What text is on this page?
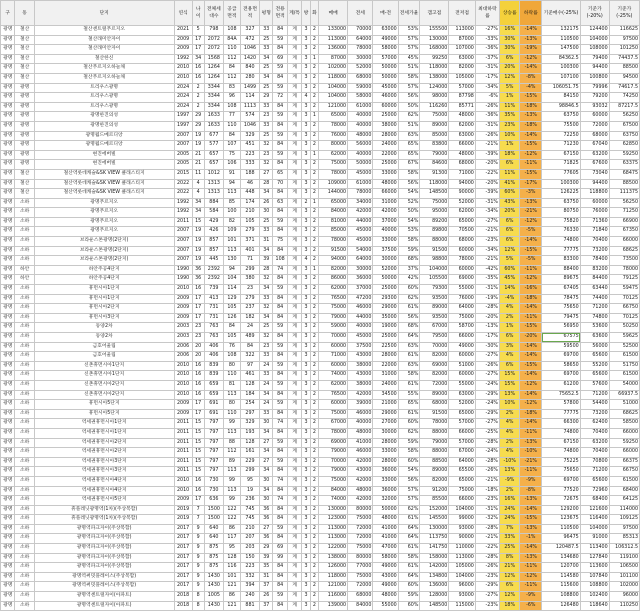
구	동	단지	연식	나이	전체세대수	공급면적	전용면적	평형	전용면적	계/특	방	화	매매	전세	매-전	전세가율	갭고점	전저점	최대하락률	상승률	하락률	기준매수(-25%)	기준가(-20%)	기준가(-25%)
광명	철산	철산센트럴푸르지오	2021	5	798	108	327	33	84	계	3	2	133000	70000	63000	53%	155500	113000	-27%	16%	-14%	132175	124400	116625
광명	철산	철산래미안자이	2009	17	2072	84A	472	25	59	계	3	2	113000	64000	49000	57%	130000	87000	-33%	30%	-13%	110500	104000	97500
광명	철산	철산래미안자이	2009	17	2072	110	1046	33	84	계	3	2	136000	78000	58000	57%	168000	107000	-36%	30%	-19%	147500	108000	101250
광명	철산	철산한신	1992	34	1568	112	1420	34	69	계	3	1	87000	30000	57000	45%	99250	63000	-37%	6%	-12%	84362.5	79400	74437.5
광명	철산	철산푸르지오하늘채	2010	16	1264	84	840	25	59	계	3	2	102000	52000	50000	51%	118000	82000	-31%	20%	-14%	100300	94400	88500
광명	철산	철산푸르지오하늘채	2010	16	1264	112	280	34	84	계	3	2	118000	68000	50000	58%	138000	105000	-17%	12%	-8%	107100	100800	94500
광명	광명	트리우스광명	2024	2	3344	83	1499	25	59	계	3	2	104000	59000	45000	57%	124000	57000	-34%	5%	-4%	106051.75	79996	74617.5
광명	광명	트리우스광명	2024	2	3344	96	114	29	72	계	4	2	104000	58000	46000	56%	98000	87798	-6%	1%	-15%	84150	79200	74250
광명	광명	트리우스광명	2024	2	3344	108	1113	33	84	계	3	2	121000	61000	60000	50%	116260	85771	-26%	11%	-18%	98846.5	93032	87217.5
광명	광명	광명한진의성	1997	29	1633	77	574	23	59	계	3	1	65000	40000	25000	62%	75000	48000	-36%	35%	-13%	63750	60000	56250
광명	광명	광명한진의성	1997	29	1633	110	1046	33	84	계	3	2	78000	40000	38000	51%	89000	62000	-31%	23%	-18%	75500	72000	67500
광명	광명	광명월드메르디앙	2007	19	677	84	329	25	59	계	3	2	76000	48000	28000	63%	85000	63000	-26%	10%	-14%	72250	68000	63750
광명	광명	광명월드메르디앙	2007	19	577	107	451	32	84	계	3	2	80000	56000	24000	65%	83800	66000	-21%	1%	-15%	71230	67040	62850
광명	광명	현진에버빌	2005	21	657	75	223	23	59	계	3	1	62000	40000	22000	65%	79000	48000	-39%	18%	-12%	67150	63200	59250
광명	광명	현진에버빌	2005	21	657	106	333	32	84	계	3	2	75000	50000	25000	67%	84600	68000	-20%	6%	-11%	71825	67600	63375
광명	철산	철산역롯데캐슬&SK VIEW 클래스티지	2015	11	1012	91	188	27	65	계	3	2	78000	45000	33000	58%	91300	71000	-22%	11%	-15%	77605	73040	68475
광명	철산	철산역롯데캐슬&SK VIEW 클래스티지	2022	4	1313	94	46	28	70	계	3	2	109000	61000	48000	56%	118000	94000	-20%	41%	-17%	100300	94400	88500
광명	철산	철산역롯데캐슬&SK VIEW 클래스티지	2022	4	1313	113	448	34	84	계	3	2	144000	78000	66000	54%	148500	90000	-39%	60%	-3%	126225	118800	111375
광명	소하	광명푸르지오	1992	34	884	85	174	26	63	계	2	1	65000	34000	31000	52%	75000	52000	-31%	43%	-13%	63750	60000	56250
광명	소하	광명푸르지오	1992	34	584	100	210	30	84	계	3	2	84000	42000	42000	50%	95000	62000	-34%	20%	-21%	80750	76000	71250
광명	소하	광명푸르지오	2011	15	429	82	105	25	59	계	3	2	81000	44000	37000	54%	89200	65000	-27%	6%	-12%	75820	71360	66900
광명	소하	광명푸르지오	2007	19	426	109	279	33	84	계	3	2	85000	45000	40000	53%	89800	70500	-21%	6%	-5%	76330	71840	67350
광명	소하	브라운스톤광명(2단지)	2007	19	857	101	371	31	75	계	3	2	78000	45000	33000	58%	88000	68000	-23%	6%	-14%	74800	70400	66000
광명	소하	브라운스톤광명(2단지)	2007	19	857	113	401	34	84	계	3	2	91500	54000	37500	59%	91500	60000	-34%	12%	-15%	77775	73200	68625
광명	소하	브라운스톤광명(2단지)	2007	19	445	130	71	39	108	계	4	2	94000	64000	30000	68%	98800	78000	-21%	5%	-5%	83300	78400	73500
광명	하안	하안주공4단지	1990	36	2392	94	299	28	74	계	3	1	82000	30000	52000	37%	104000	60000	-42%	60%	-11%	88400	83200	78000
광명	하안	하안주공4단지	1990	36	2392	104	380	32	84	계	3	2	86000	36000	50000	42%	105500	69000	-35%	45%	-12%	89675	84400	79125
광명	소하	휴먼시아1단지	2010	16	739	114	23	34	59	계	3	2	62000	37000	25000	60%	79300	55000	-31%	14%	-16%	67405	63440	59475
광명	소하	휴먼시아1단지	2009	17	413	129	279	33	84	계	3	2	76500	47200	29300	62%	93500	76000	-19%	-4%	-18%	78475	74400	70125
광명	소하	휴먼시아2단지	2009	17	731	105	237	32	84	계	3	2	75000	46000	29000	61%	89000	64000	-28%	4%	-14%	75650	71200	66750
광명	소하	휴먼시아3단지	2009	17	731	126	182	34	84	계	3	2	79000	44000	35000	56%	93500	75000	-20%	2%	-11%	79475	74800	70125
광명	소하	동양2차	2003	23	763	84	24	25	59	계	3	2	59000	40000	19000	68%	67000	58700	-13%	1%	-15%	56950	53600	50250
광명	소하	동양2차	2003	23	763	105	489	32	84	계	3	2	70000	45000	25000	64%	79500	66000	-17%	6%	-20%	67575	63600	59625
광명	소하	금호어울림	2006	20	406	76	84	23	59	계	3	2	60000	37500	22500	63%	70000	49000	-30%	3%	-14%	59500	56000	52500
광명	소하	금호어울림	2006	20	406	108	322	33	84	계	3	2	71000	43000	28000	61%	82000	60000	-27%	4%	-14%	69700	65600	61500
광명	소하	신촌휴먼시아1단지	2010	16	839	80	97	24	59	계	3	2	60000	38000	22000	63%	69000	51000	-26%	6%	-15%	58650	55200	51750
광명	소하	신촌휴먼시아1단지	2010	16	839	110	461	33	84	계	3	2	74000	43000	31000	58%	82000	60000	-27%	15%	-14%	69700	65600	61500
광명	소하	신촌휴먼시아2단지	2010	16	659	81	128	24	59	계	3	2	62000	38000	24000	61%	72000	55000	-24%	15%	-12%	61200	57600	54000
광명	소하	신촌휴먼시아2단지	2010	16	659	113	184	34	84	계	3	2	76500	42000	34500	55%	89000	63000	-29%	13%	-14%	75652.5	71200	66937.5
광명	소하	휴먼시아5단지	2009	17	691	80	254	24	59	계	3	2	60000	39000	21000	65%	68000	52000	-24%	10%	-12%	57800	54400	51000
광명	소하	휴먼시아5단지	2009	17	691	110	297	33	84	계	3	2	75000	46000	29000	61%	91500	65000	-29%	2%	-18%	77775	73200	68625
광명	소하	역세권휴먼시아1단지	2011	15	797	99	329	30	74	계	3	2	67000	40000	27000	60%	78000	57000	-27%	4%	-14%	66300	62400	58500
광명	소하	역세권휴먼시아1단지	2011	15	797	113	193	34	84	계	3	2	78000	48000	30000	62%	88000	66000	-25%	4%	-11%	74800	70400	66000
광명	소하	역세권휴먼시아2단지	2011	15	797	88	128	27	59	계	3	2	69000	41000	28000	59%	79000	57000	-28%	2%	-13%	67150	63200	59250
광명	소하	역세권휴먼시아2단지	2011	15	797	112	161	34	84	계	3	2	79000	46000	33000	58%	88000	67000	-24%	4%	-10%	74800	70400	66000
광명	소하	역세권휴먼시아3단지	2011	15	797	89	229	27	59	계	3	2	70000	42000	28000	60%	88500	64000	-28%	-10%	-21%	75225	70800	66375
광명	소하	역세권휴먼시아3단지	2011	15	797	113	299	34	84	계	3	2	79000	43000	36000	54%	89000	65500	-26%	13%	-11%	75650	71200	66750
광명	소하	역세권휴먼시아4단지	2010	16	730	99	95	30	74	계	3	2	75000	42000	33000	56%	82000	65000	-21%	-9%	-9%	69700	65600	61500
광명	소하	역세권휴먼시아4단지	2010	16	730	113	19	34	84	계	3	2	84000	48000	36000	57%	91200	75000	-18%	2%	-8%	77520	72960	68400
광명	소하	역세권휴먼시아5단지	2009	17	636	99	236	30	74	계	3	2	74000	42000	32000	57%	85500	66000	-23%	16%	-13%	72675	68400	64125
광명	소하	휴플레닛광명역(1차)(주상복합)	2019	7	1500	122	745	36	84	계	3	2	130000	80000	50000	62%	152000	104000	-31%	24%	-14%	129200	121600	114000
광명	소하	휴플레닛광명역(1차)(주상복합)	2019	7	1500	122	745	36	84	계	3	2	123000	75000	48000	61%	145500	99000	-32%	24%	-15%	123675	116400	109125
광명	소하	광명역파크자이(주상복합)	2017	9	640	86	210	27	59	계	3	2	113000	72000	41000	64%	130000	93000	-28%	7%	-13%	110500	104000	97500
광명	소하	광명역파크자이(주상복합)	2017	9	640	117	207	36	84	계	3	2	113000	72000	41000	64%	113750	90000	-21%	33%	-1%	96475	91000	85313
광명	소하	광명역파크자이(주상복합)	2017	9	875	95	203	29	69	계	3	2	122000	75000	47000	61%	141750	110000	-22%	25%	-14%	120487.5	113400	106312.5
광명	소하	광명역파크자이(주상복합)	2017	9	875	128	150	39	99	계	3	2	138000	80000	58000	58%	158000	113000	-28%	8%	-13%	134680	127840	119100
광명	소하	광명역파크자이(주상복합)	2017	9	875	116	223	35	84	계	3	2	126000	77000	49000	61%	142000	105000	-26%	21%	-11%	120700	113600	106500
광명	소하	광명역써밋플레이스(주상복합)	2017	9	1430	101	332	31	84	계	3	2	118000	75000	43000	64%	134800	104000	-23%	12%	-12%	114580	107840	101100
광명	소하	광명역써밋플레이스(주상복합)	2017	9	1430	121	394	37	84	계	3	2	121000	72000	49000	60%	136000	96000	-29%	6%	-11%	115600	108800	102000
광명	소하	광명역센트럴자이(아파트)	2018	8	1005	86	240	26	59	계	3	2	116000	68000	48000	59%	128000	93000	-27%	12%	-9%	108800	102400	96000
광명	소하	광명역센트럴자이(아파트)	2018	8	1430	121	881	37	84	계	3	2	139000	84000	55000	60%	148500	115000	-23%	18%	-6%	126480	118640	110250
